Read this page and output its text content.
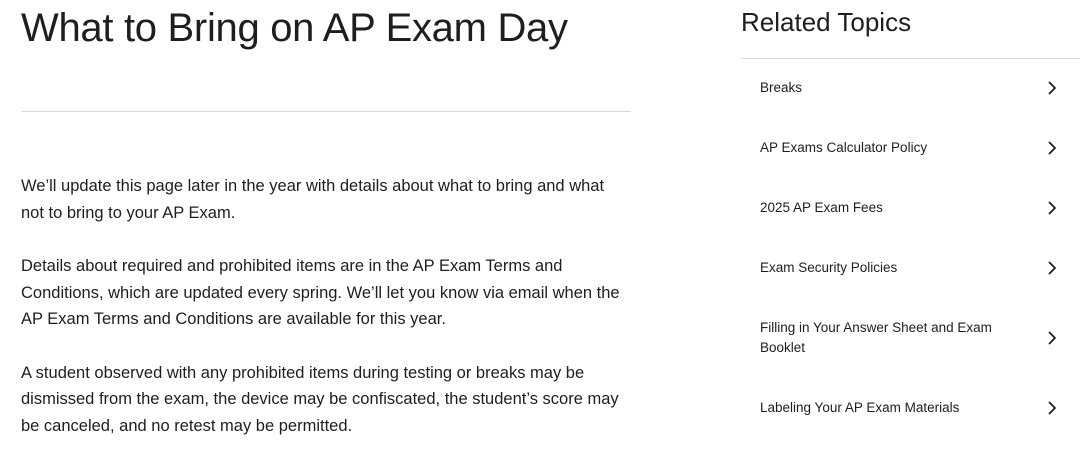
What to Bring on AP Exam Day

We’ll update this page later in the year with details about what to bring and what not to bring to your AP Exam.

Details about required and prohibited items are in the AP Exam Terms and Conditions, which are updated every spring. We’ll let you know via email when the AP Exam Terms and Conditions are available for this year.

A student observed with any prohibited items during testing or breaks may be dismissed from the exam, the device may be confiscated, the student’s score may be canceled, and no retest may be permitted.

Related Topics
Breaks
AP Exams Calculator Policy
2025 AP Exam Fees
Exam Security Policies
Filling in Your Answer Sheet and Exam Booklet
Labeling Your AP Exam Materials
